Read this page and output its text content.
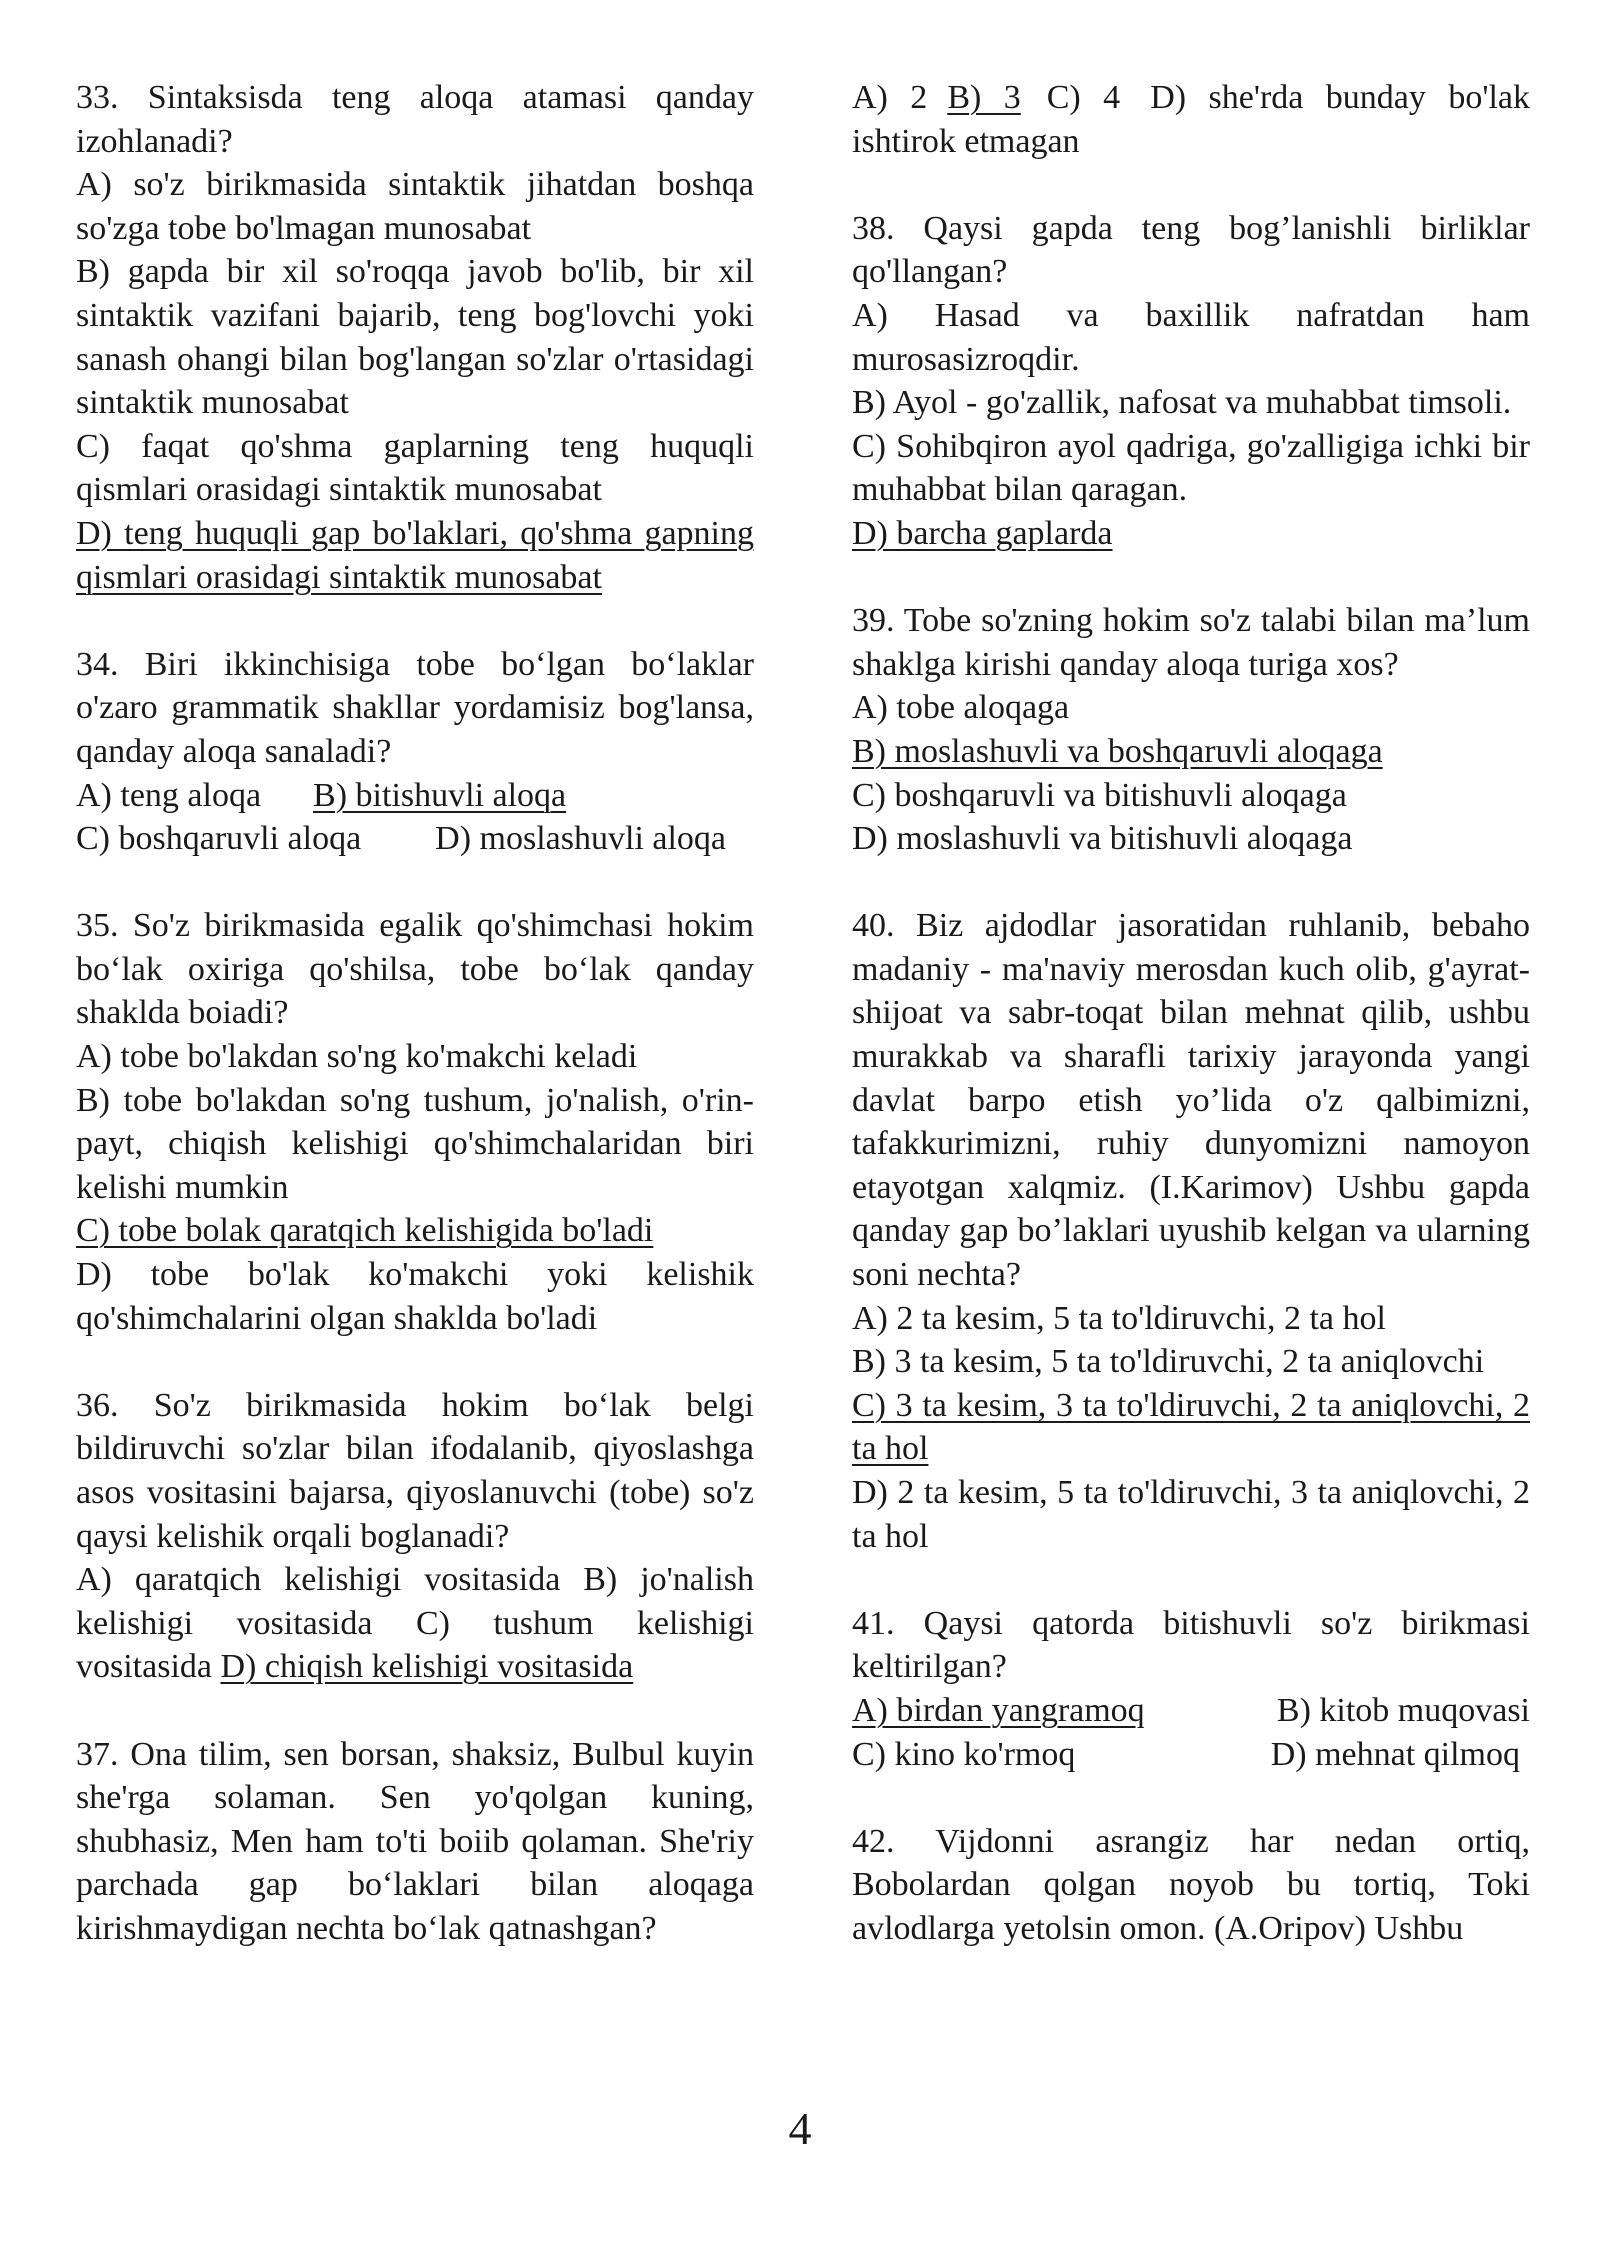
33. Sintaksisda teng aloqa atamasi qanday izohlanadi?
A) so'z birikmasida sintaktik jihatdan boshqa so'zga tobe bo'lmagan munosabat
B) gapda bir xil so'roqqa javob bo'lib, bir xil sintaktik vazifani bajarib, teng bog'lovchi yoki sanash ohangi bilan bog'langan so'zlar o'rtasidagi sintaktik munosabat
C) faqat qo'shma gaplarning teng huquqli qismlari orasidagi sintaktik munosabat
D) teng huquqli gap bo'laklari, qo'shma gapning qismlari orasidagi sintaktik munosabat
34. Biri ikkinchisiga tobe bo‘lgan bo‘laklar o'zaro grammatik shakllar yordamisiz bog'lansa, qanday aloqa sanaladi?
A) teng aloqa B) bitishuvli aloqa
C) boshqaruvli aloqa D) moslashuvli aloqa
35. So'z birikmasida egalik qo'shimchasi hokim bo‘lak oxiriga qo'shilsa, tobe bo‘lak qanday shaklda boiadi?
A) tobe bo'lakdan so'ng ko'makchi keladi
B) tobe bo'lakdan so'ng tushum, jo'nalish, o'rin-payt, chiqish kelishigi qo'shimchalaridan biri kelishi mumkin
C) tobe bolak qaratqich kelishigida bo'ladi
D) tobe bo'lak ko'makchi yoki kelishik qo'shimchalarini olgan shaklda bo'ladi
36. So'z birikmasida hokim bo‘lak belgi bildiruvchi so'zlar bilan ifodalanib, qiyoslashga asos vositasini bajarsa, qiyoslanuvchi (tobe) so'z qaysi kelishik orqali boglanadi?
A) qaratqich kelishigi vositasida B) jo'nalish kelishigi vositasida C) tushum kelishigi vositasida D) chiqish kelishigi vositasida
37. Ona tilim, sen borsan, shaksiz, Bulbul kuyin she'rga solaman. Sen yo'qolgan kuning, shubhasiz, Men ham to'ti boiib qolaman. She'riy parchada gap bo‘laklari bilan aloqaga kirishmaydigan nechta bo‘lak qatnashgan?
A) 2 B) 3 C) 4 D) she'rda bunday bo'lak ishtirok etmagan
38. Qaysi gapda teng bog’lanishli birliklar qo'llangan?
A) Hasad va baxillik nafratdan ham murosasizroqdir.
B) Ayol - go'zallik, nafosat va muhabbat timsoli.
C) Sohibqiron ayol qadriga, go'zalligiga ichki bir muhabbat bilan qaragan.
D) barcha gaplarda
39. Tobe so'zning hokim so'z talabi bilan ma’lum shaklga kirishi qanday aloqa turiga xos?
A) tobe aloqaga
B) moslashuvli va boshqaruvli aloqaga
C) boshqaruvli va bitishuvli aloqaga
D) moslashuvli va bitishuvli aloqaga
40. Biz ajdodlar jasoratidan ruhlanib, bebaho madaniy - ma'naviy merosdan kuch olib, g'ayrat-shijoat va sabr-toqat bilan mehnat qilib, ushbu murakkab va sharafli tarixiy jarayonda yangi davlat barpo etish yo’lida o'z qalbimizni, tafakkurimizni, ruhiy dunyomizni namoyon etayotgan xalqmiz. (I.Karimov) Ushbu gapda qanday gap bo’laklari uyushib kelgan va ularning soni nechta?
A) 2 ta kesim, 5 ta to'ldiruvchi, 2 ta hol
B) 3 ta kesim, 5 ta to'ldiruvchi, 2 ta aniqlovchi
C) 3 ta kesim, 3 ta to'ldiruvchi, 2 ta aniqlovchi, 2 ta hol
D) 2 ta kesim, 5 ta to'ldiruvchi, 3 ta aniqlovchi, 2 ta hol
41. Qaysi qatorda bitishuvli so'z birikmasi keltirilgan?
A) birdan yangramoq	B) kitob muqovasi
C) kino ko'rmoq	D) mehnat qilmoq
42. Vijdonni asrangiz har nedan ortiq, Bobolardan qolgan noyob bu tortiq, Toki avlodlarga yetolsin omon. (A.Oripov) Ushbu
4
